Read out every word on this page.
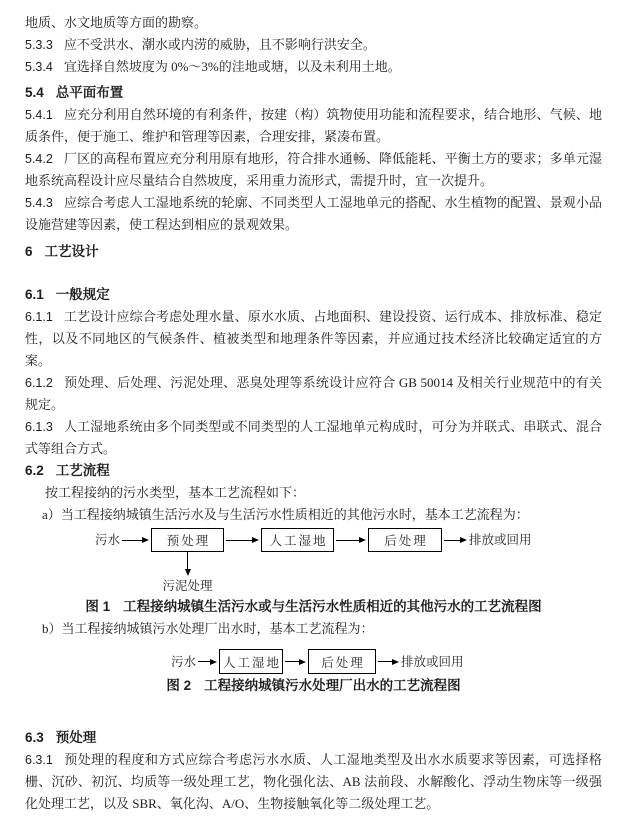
地质、水文地质等方面的勘察。

5.3.3 应不受洪水、潮水或内涝的威胁，且不影响行洪安全。

5.3.4 宜选择自然坡度为 0%～3%的洼地或塘，以及未利用土地。

5.4 总平面布置

5.4.1 应充分利用自然环境的有利条件，按建（构）筑物使用功能和流程要求，结合地形、气候、地质条件，便于施工、维护和管理等因素，合理安排，紧凑布置。

5.4.2 厂区的高程布置应充分利用原有地形，符合排水通畅、降低能耗、平衡土方的要求；多单元湿地系统高程设计应尽量结合自然坡度，采用重力流形式，需提升时，宜一次提升。

5.4.3 应综合考虑人工湿地系统的轮廓、不同类型人工湿地单元的搭配、水生植物的配置、景观小品设施营建等因素，使工程达到相应的景观效果。

6 工艺设计
6.1 一般规定

6.1.1 工艺设计应综合考虑处理水量、原水水质、占地面积、建设投资、运行成本、排放标准、稳定性，以及不同地区的气候条件、植被类型和地理条件等因素，并应通过技术经济比较确定适宜的方案。

6.1.2 预处理、后处理、污泥处理、恶臭处理等系统设计应符合 GB 50014 及相关行业规范中的有关规定。

6.1.3 人工湿地系统由多个同类型或不同类型的人工湿地单元构成时，可分为并联式、串联式、混合式等组合方式。

6.2 工艺流程

按工程接纳的污水类型，基本工艺流程如下：

a）当工程接纳城镇生活污水及与生活污水性质相近的其他污水时，基本工艺流程为：

污水	预处理
污泥处理
人工湿地	后处理	排放或回用

图 1 工程接纳城镇生活污水或与生活污水性质相近的其他污水的工艺流程图

b）当工程接纳城镇污水处理厂出水时，基本工艺流程为：

污水	人工湿地	后处理	排放或回用

图 2 工程接纳城镇污水处理厂出水的工艺流程图

6.3 预处理

6.3.1 预处理的程度和方式应综合考虑污水水质、人工湿地类型及出水水质要求等因素，可选择格栅、沉砂、初沉、均质等一级处理工艺，物化强化法、AB 法前段、水解酸化、浮动生物床等一级强化处理工艺，以及 SBR、氧化沟、A/O、生物接触氧化等二级处理工艺。
